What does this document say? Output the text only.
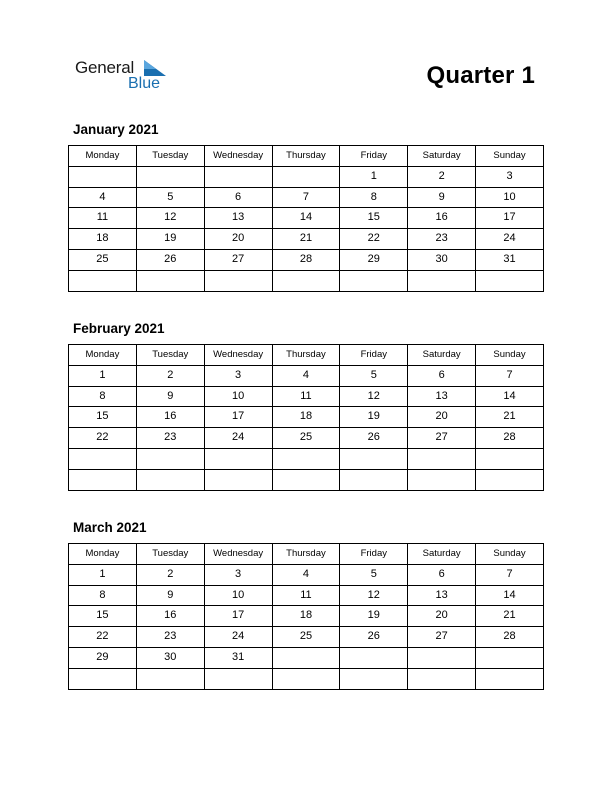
General
Blue	Quarter 1
January 2021
Monday	Tuesday	Wednesday	Thursday	Friday	Saturday	Sunday
				1	2	3
4	5	6	7	8	9	10
11	12	13	14	15	16	17
18	19	20	21	22	23	24
25	26	27	28	29	30	31

February 2021
Monday	Tuesday	Wednesday	Thursday	Friday	Saturday	Sunday
1	2	3	4	5	6	7
8	9	10	11	12	13	14
15	16	17	18	19	20	21
22	23	24	25	26	27	28

March 2021
Monday	Tuesday	Wednesday	Thursday	Friday	Saturday	Sunday
1	2	3	4	5	6	7
8	9	10	11	12	13	14
15	16	17	18	19	20	21
22	23	24	25	26	27	28
29	30	31				
